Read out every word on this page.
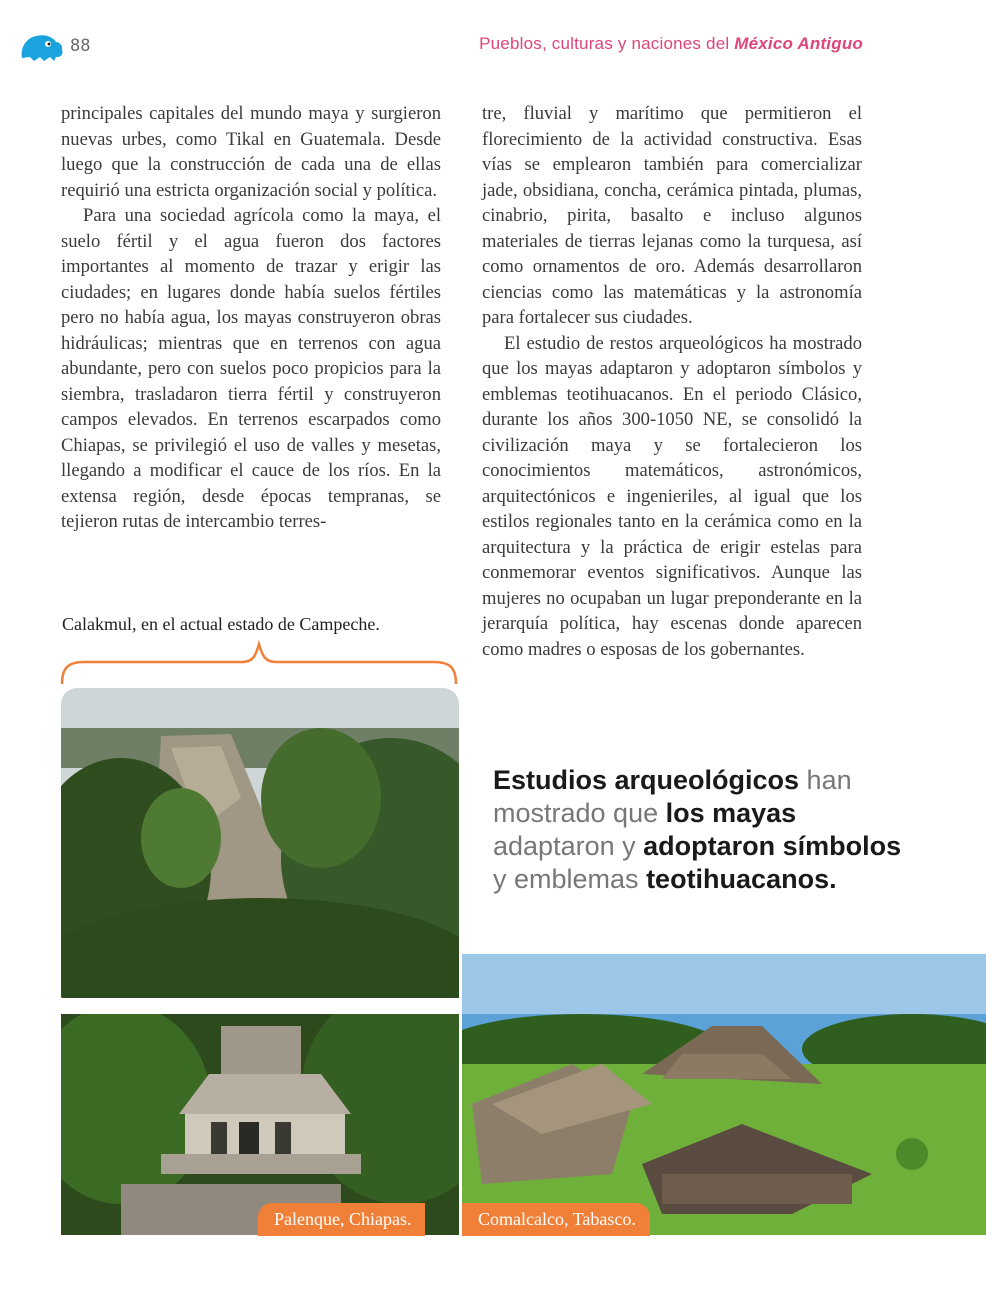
88	Pueblos, culturas y naciones del México Antiguo

principales capitales del mundo maya y surgieron nuevas urbes, como Tikal en Guatemala. Desde luego que la construcción de cada una de ellas requirió una estricta organización social y política.

Para una sociedad agrícola como la maya, el suelo fértil y el agua fueron dos factores importantes al momento de trazar y erigir las ciudades; en lugares donde había suelos fértiles pero no había agua, los mayas construyeron obras hidráulicas; mientras que en terrenos con agua abundante, pero con suelos poco propicios para la siembra, trasladaron tierra fértil y construyeron campos elevados. En terrenos escarpados como Chiapas, se privilegió el uso de valles y mesetas, llegando a modificar el cauce de los ríos. En la extensa región, desde épocas tempranas, se tejieron rutas de intercambio terres-

tre, fluvial y marítimo que permitieron el florecimiento de la actividad constructiva. Esas vías se emplearon también para comercializar jade, obsidiana, concha, cerámica pintada, plumas, cinabrio, pirita, basalto e incluso algunos materiales de tierras lejanas como la turquesa, así como ornamentos de oro. Además desarrollaron ciencias como las matemáticas y la astronomía para fortalecer sus ciudades.

El estudio de restos arqueológicos ha mostrado que los mayas adaptaron y adoptaron símbolos y emblemas teotihuacanos. En el periodo Clásico, durante los años 300-1050 NE, se consolidó la civilización maya y se fortalecieron los conocimientos matemáticos, astronómicos, arquitectónicos e ingenieriles, al igual que los estilos regionales tanto en la cerámica como en la arquitectura y la práctica de erigir estelas para conmemorar eventos significativos. Aunque las mujeres no ocupaban un lugar preponderante en la jerarquía política, hay escenas donde aparecen como madres o esposas de los gobernantes.

Calakmul, en el actual estado de Campeche.
Palenque, Chiapas.	Comalcalco, Tabasco.
Estudios arqueológicos han mostrado que los mayas adaptaron y adoptaron símbolos y emblemas teotihuacanos.
